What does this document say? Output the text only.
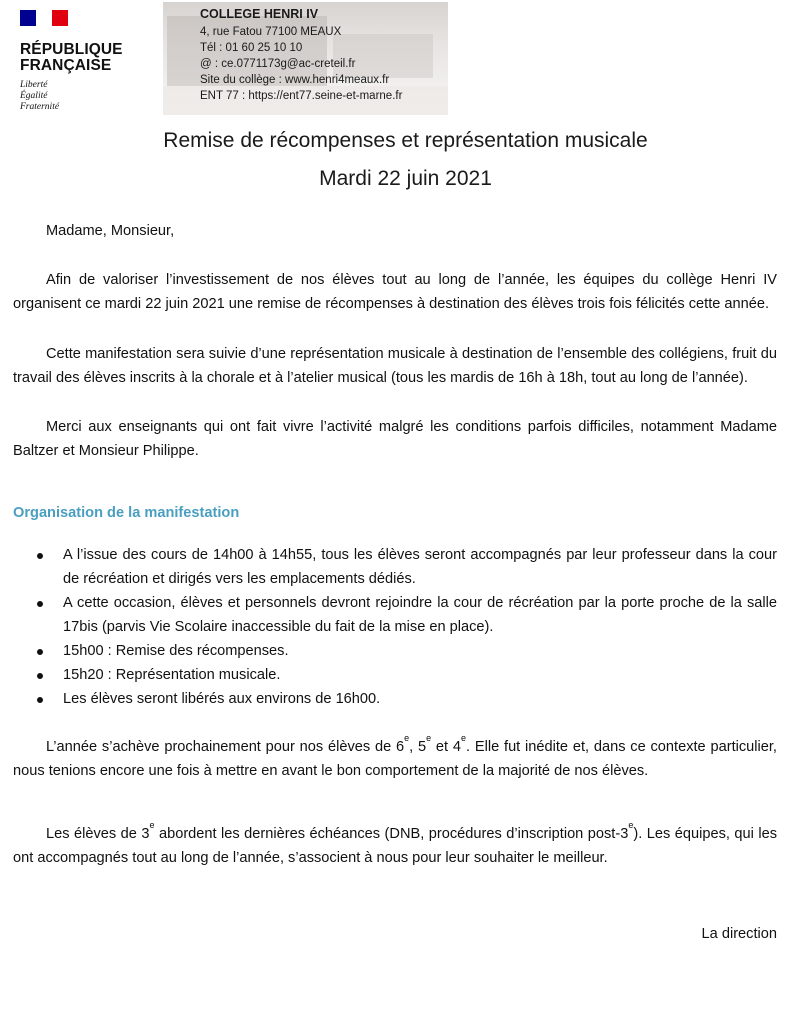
RÉPUBLIQUE
FRANÇAISE
Liberté
Égalité
Fraternité
COLLEGE HENRI IV
4, rue Fatou 77100 MEAUX
Tél : 01 60 25 10 10
@ : ce.0771173g@ac-creteil.fr
Site du collège : www.henri4meaux.fr
ENT 77 : https://ent77.seine-et-marne.fr
Remise de récompenses et représentation musicale
Mardi 22 juin 2021
Madame, Monsieur,
Afin de valoriser l’investissement de nos élèves tout au long de l’année, les équipes du collège Henri IV organisent ce mardi 22 juin 2021 une remise de récompenses à destination des élèves trois fois félicités cette année.
Cette manifestation sera suivie d’une représentation musicale à destination de l’ensemble des collégiens, fruit du travail des élèves inscrits à la chorale et à l’atelier musical (tous les mardis de 16h à 18h, tout au long de l’année).
Merci aux enseignants qui ont fait vivre l’activité malgré les conditions parfois difficiles, notamment Madame Baltzer et Monsieur Philippe.
Organisation de la manifestation
A l’issue des cours de 14h00 à 14h55, tous les élèves seront accompagnés par leur professeur dans la cour de récréation et dirigés vers les emplacements dédiés.
A cette occasion, élèves et personnels devront rejoindre la cour de récréation par la porte proche de la salle 17bis (parvis Vie Scolaire inaccessible du fait de la mise en place).
15h00 : Remise des récompenses.
15h20 : Représentation musicale.
Les élèves seront libérés aux environs de 16h00.
L’année s’achève prochainement pour nos élèves de 6e, 5e et 4e. Elle fut inédite et, dans ce contexte particulier, nous tenions encore une fois à mettre en avant le bon comportement de la majorité de nos élèves.
Les élèves de 3e abordent les dernières échéances (DNB, procédures d’inscription post-3e). Les équipes, qui les ont accompagnés tout au long de l’année, s’associent à nous pour leur souhaiter le meilleur.
La direction
